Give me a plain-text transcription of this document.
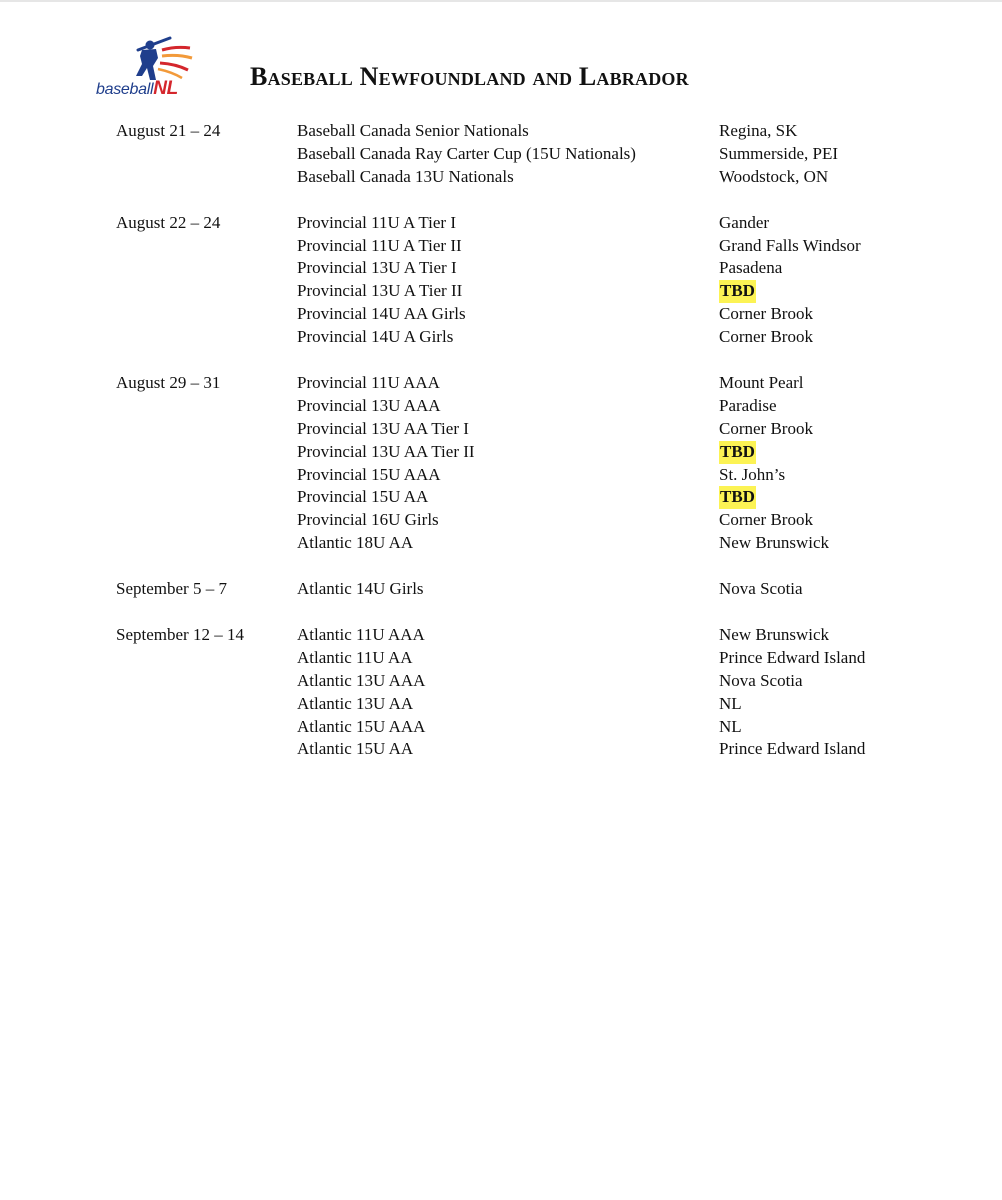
baseballNL	Baseball Newfoundland and Labrador
August 21 – 24	Baseball Canada Senior Nationals	Regina, SK
Baseball Canada Ray Carter Cup (15U Nationals)	Summerside, PEI
Baseball Canada 13U Nationals	Woodstock, ON
August 22 – 24	Provincial 11U A Tier I	Gander
Provincial 11U A Tier II	Grand Falls Windsor
Provincial 13U A Tier I	Pasadena
Provincial 13U A Tier II	TBD
Provincial 14U AA Girls	Corner Brook
Provincial 14U A Girls	Corner Brook
August 29 – 31	Provincial 11U AAA	Mount Pearl
Provincial 13U AAA	Paradise
Provincial 13U AA Tier I	Corner Brook
Provincial 13U AA Tier II	TBD
Provincial 15U AAA	St. John’s
Provincial 15U AA	TBD
Provincial 16U Girls	Corner Brook
Atlantic 18U AA	New Brunswick
September 5 – 7	Atlantic 14U Girls	Nova Scotia
September 12 – 14	Atlantic 11U AAA	New Brunswick
Atlantic 11U AA	Prince Edward Island
Atlantic 13U AAA	Nova Scotia
Atlantic 13U AA	NL
Atlantic 15U AAA	NL
Atlantic 15U AA	Prince Edward Island
